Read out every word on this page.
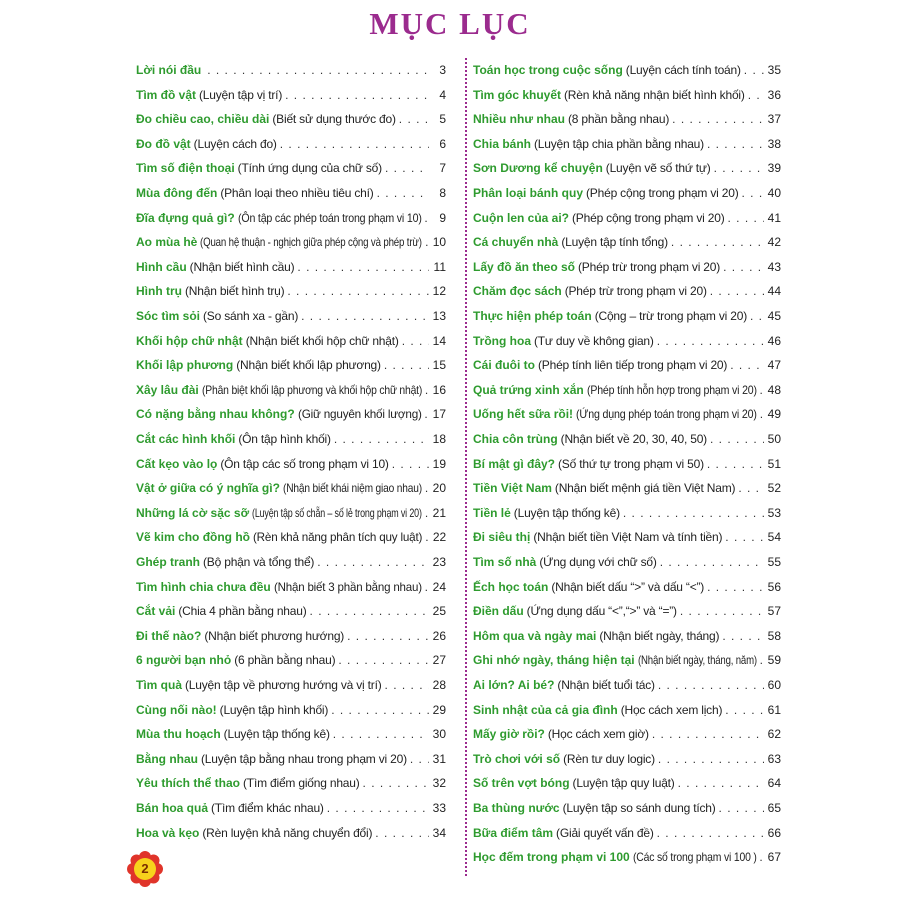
MỤC LỤC
Lời nói đầu . . .	3
Tìm đồ vật (Luyện tập vị trí) . . .	4
Đo chiều cao, chiều dài (Biết sử dụng thước đo) . . .	5
Đo đồ vật (Luyện cách đo) . . .	6
Tìm số điện thoại (Tính ứng dụng của chữ số) . . .	7
Mùa đông đến (Phân loại theo nhiều tiêu chí) . . .	8
Đĩa đựng quả gì? (Ôn tập các phép toán trong phạm vi 10) . . .	9
Ao mùa hè (Quan hệ thuận - nghịch giữa phép cộng và phép trừ) . . . 10
Hình cầu (Nhận biết hình cầu) . . .	11
Hình trụ (Nhận biết hình trụ) . . .	12
Sóc tìm sỏi (So sánh xa - gần) . . .	13
Khối hộp chữ nhật (Nhận biết khối hộp chữ nhật) . . .	14
Khối lập phương (Nhận biết khối lập phương) . . .	15
Xây lâu đài (Phân biệt khối lập phương và khối hộp chữ nhật) . . . 16
Có nặng bằng nhau không? (Giữ nguyên khối lượng) . . . 17
Cắt các hình khối (Ôn tập hình khối) . . .	18
Cất kẹo vào lọ (Ôn tập các số trong phạm vi 10) . . .	19
Vật ở giữa có ý nghĩa gì? (Nhận biết khái niệm giao nhau) . . . 20
Những lá cờ sặc sỡ (Luyện tập số chẵn – số lẻ trong phạm vi 20) . . . 21
Vẽ kim cho đồng hồ (Rèn khả năng phân tích quy luật) . . . 22
Ghép tranh (Bộ phận và tổng thể) . . .	23
Tìm hình chia chưa đều (Nhận biết 3 phần bằng nhau) . . . 24
Cắt vải (Chia 4 phần bằng nhau) . . .	25
Đi thế nào? (Nhận biết phương hướng) . . .	26
6 người bạn nhỏ (6 phần bằng nhau) . . .	27
Tìm quà (Luyện tập về phương hướng và vị trí) . . .	28
Cùng nối nào! (Luyện tập hình khối) . . .	29
Mùa thu hoạch (Luyện tập thống kê) . . .	30
Bằng nhau (Luyện tập bằng nhau trong phạm vi 20) . . . 31
Yêu thích thể thao (Tìm điểm giống nhau) . . .	32
Bán hoa quả (Tìm điểm khác nhau) . . .	33
Hoa và kẹo (Rèn luyện khả năng chuyển đổi) . . .	34
Toán học trong cuộc sống (Luyện cách tính toán) . . . 35
Tìm góc khuyết (Rèn khả năng nhận biết hình khối) . . . 36
Nhiều như nhau (8 phần bằng nhau) . . .	37
Chia bánh (Luyện tập chia phần bằng nhau) . . .	38
Sơn Dương kể chuyện (Luyện vẽ số thứ tự) . . .	39
Phân loại bánh quy (Phép cộng trong phạm vi 20) . . . 40
Cuộn len của ai? (Phép cộng trong phạm vi 20) . . .	41
Cá chuyển nhà (Luyện tập tính tổng) . . .	42
Lấy đồ ăn theo số (Phép trừ trong phạm vi 20) . . .	43
Chăm đọc sách (Phép trừ trong phạm vi 20) . . .	44
Thực hiện phép toán (Cộng – trừ trong phạm vi 20) . . . 45
Trồng hoa (Tư duy về không gian) . . .	46
Cái đuôi to (Phép tính liên tiếp trong phạm vi 20) . . .	47
Quả trứng xinh xắn (Phép tính hỗn hợp trong phạm vi 20) . . . 48
Uống hết sữa rồi! (Ứng dụng phép toán trong phạm vi 20) . . . 49
Chia côn trùng (Nhận biết về 20, 30, 40, 50) . . .	50
Bí mật gì đây? (Số thứ tự trong phạm vi 50) . . .	51
Tiền Việt Nam (Nhận biết mệnh giá tiền Việt Nam) . . .	52
Tiền lẻ (Luyện tập thống kê) . . .	53
Đi siêu thị (Nhận biết tiền Việt Nam và tính tiền) . . .	54
Tìm số nhà (Ứng dụng với chữ số) . . .	55
Ếch học toán (Nhận biết dấu “>” và dấu “<”) . . .	56
Điền dấu (Ứng dụng dấu “<”,“>” và “=”) . . .	57
Hôm qua và ngày mai (Nhận biết ngày, tháng) . . .	58
Ghi nhớ ngày, tháng hiện tại (Nhận biết ngày, tháng, năm) . . . 59
Ai lớn? Ai bé? (Nhận biết tuổi tác) . . .	60
Sinh nhật của cả gia đình (Học cách xem lịch) . . .	61
Mấy giờ rồi? (Học cách xem giờ) . . .	62
Trò chơi với số (Rèn tư duy logic) . . .	63
Số trên vợt bóng (Luyện tập quy luật) . . .	64
Ba thùng nước (Luyện tập so sánh dung tích) . . .	65
Bữa điểm tâm (Giải quyết vấn đề) . . .	66
Học đếm trong phạm vi 100 (Các số trong phạm vi 100 ) . . . 67
2
